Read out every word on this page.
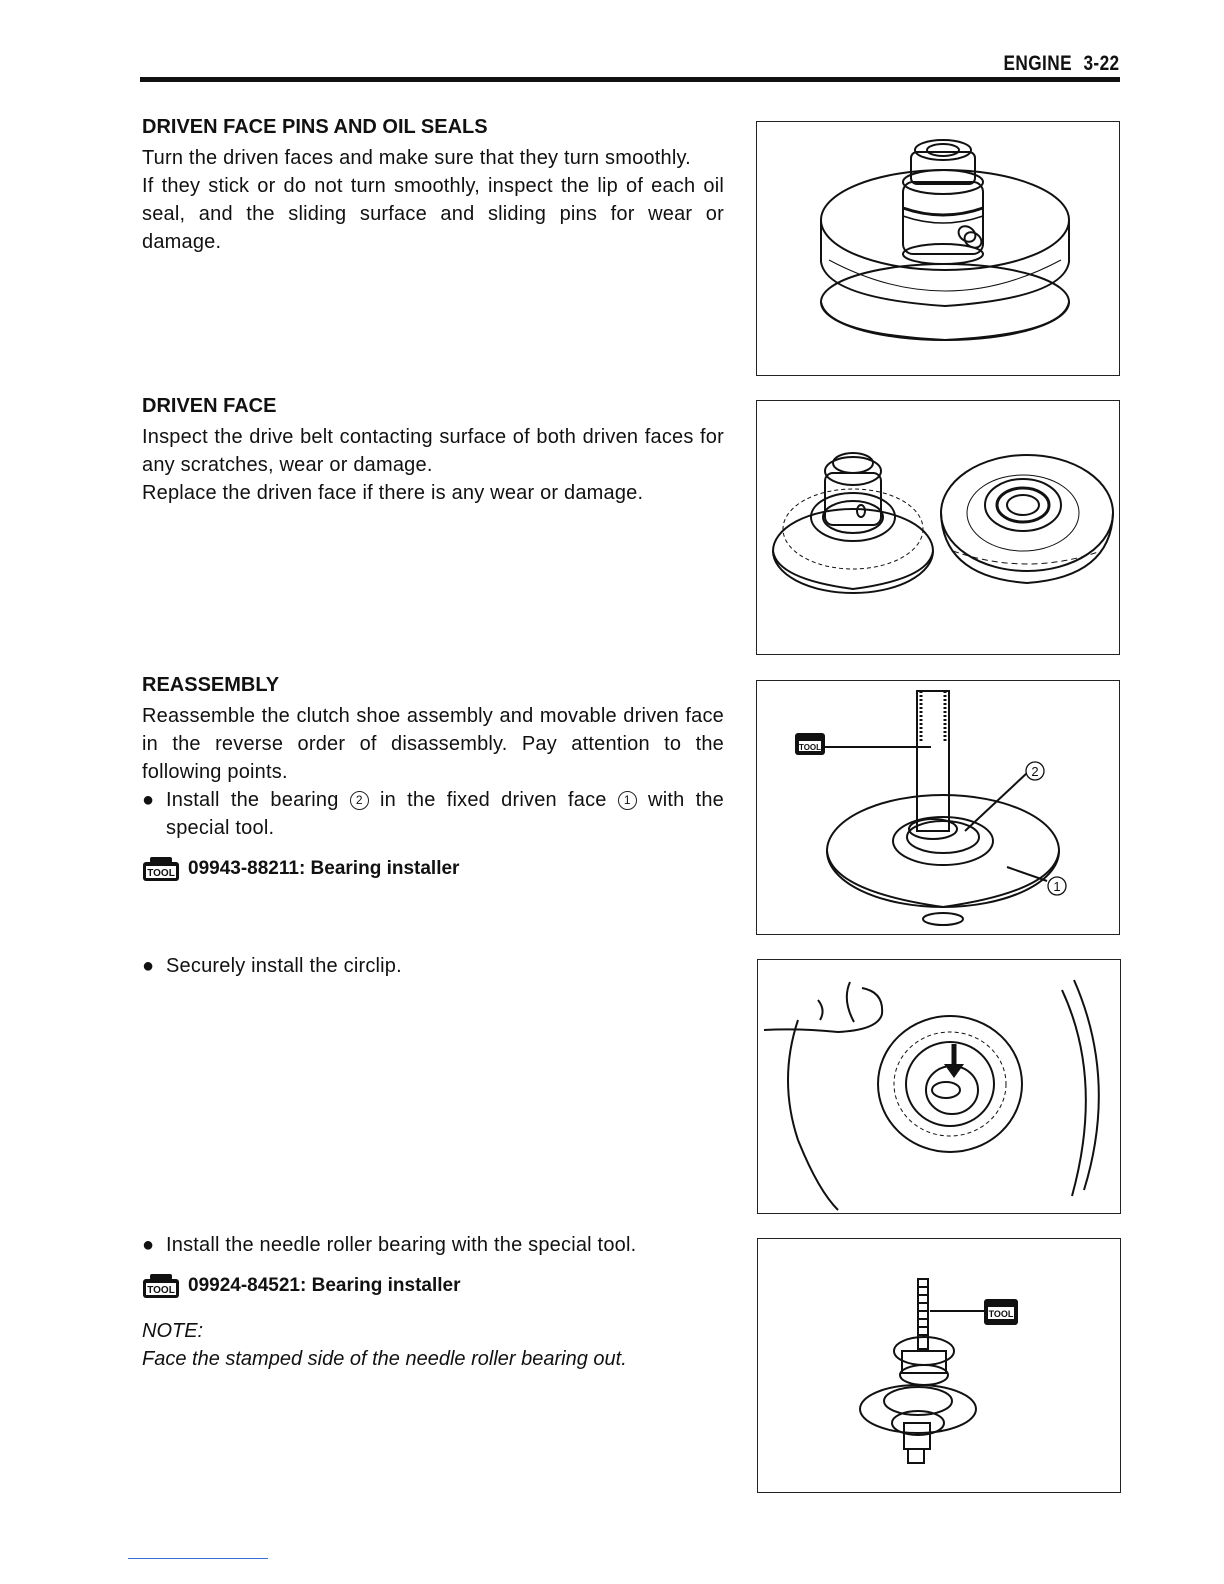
ENGINE 3-22
DRIVEN FACE PINS AND OIL SEALS

Turn the driven faces and make sure that they turn smoothly.

If they stick or do not turn smoothly, inspect the lip of each oil seal, and the sliding surface and sliding pins for wear or damage.

DRIVEN FACE

Inspect the drive belt contacting surface of both driven faces for any scratches, wear or damage.

Replace the driven face if there is any wear or damage.

REASSEMBLY

Reassemble the clutch shoe assembly and movable driven face in the reverse order of disassembly. Pay attention to the following points.

● Install the bearing 2 in the fixed driven face 1 with the special tool.
TOOL 09943-88211: Bearing installer
● Securely install the circlip.
● Install the needle roller bearing with the special tool.
TOOL 09924-84521: Bearing installer
NOTE:
Face the stamped side of the needle roller bearing out.
TOOL
2
1
TOOL
